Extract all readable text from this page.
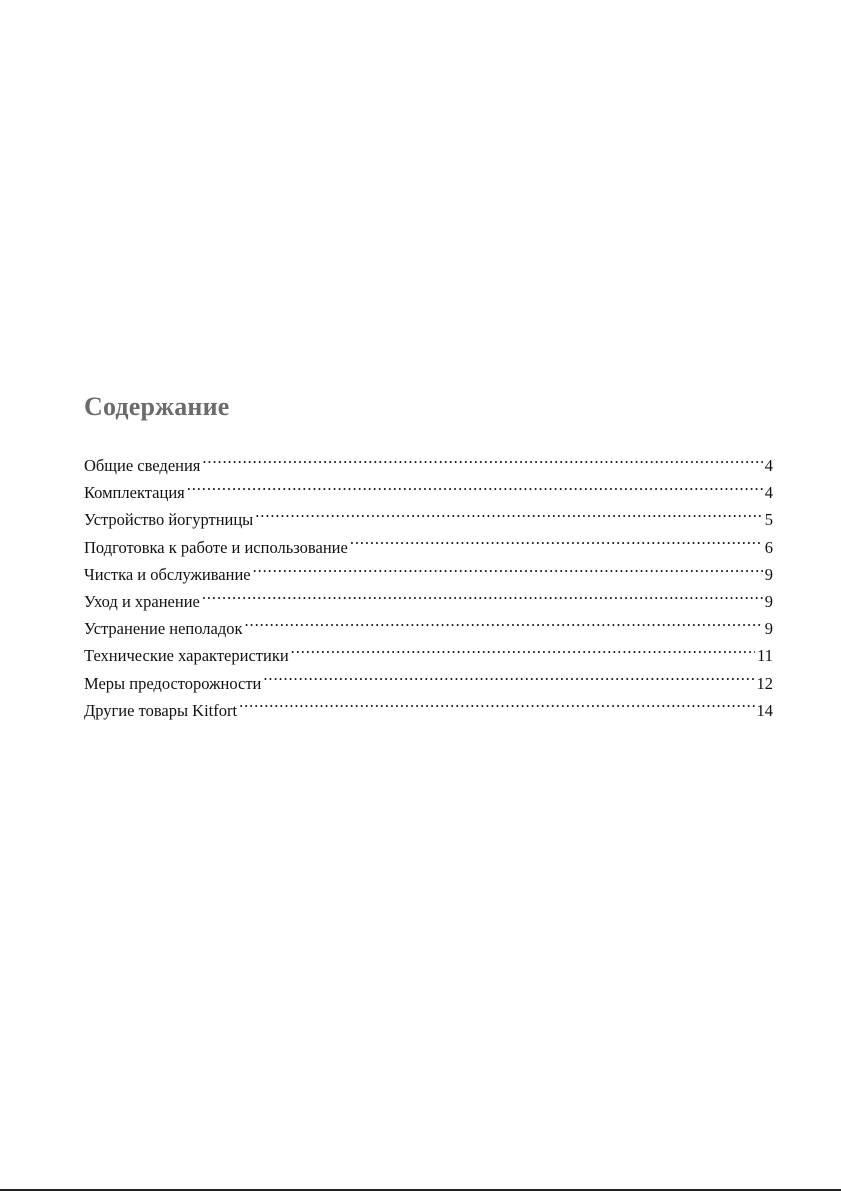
Содержание
Общие сведения .....	4
Комплектация .....	4
Устройство йогуртницы .....	5
Подготовка к работе и использование .....	6
Чистка и обслуживание .....	9
Уход и хранение .....	9
Устранение неполадок .....	9
Технические характеристики .....	11
Меры предосторожности .....	12
Другие товары Kitfort .....	14
